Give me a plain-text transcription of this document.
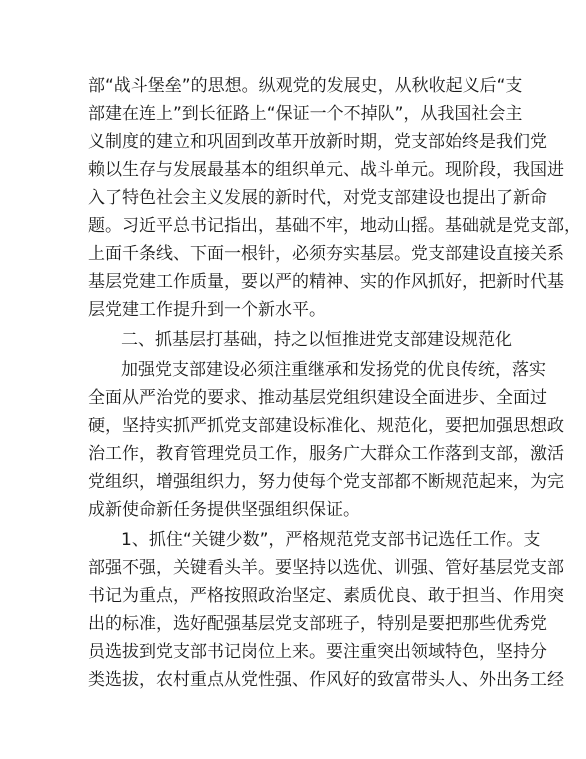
部“战斗堡垒”的思想。纵观党的发展史，从秋收起义后“支
部建在连上”到长征路上“保证一个不掉队”，从我国社会主
义制度的建立和巩固到改革开放新时期，党支部始终是我们党
赖以生存与发展最基本的组织单元、战斗单元。现阶段，我国进
入了特色社会主义发展的新时代，对党支部建设也提出了新命
题。习近平总书记指出，基础不牢，地动山摇。基础就是党支部，
上面千条线、下面一根针，必须夯实基层。党支部建设直接关系
基层党建工作质量，要以严的精神、实的作风抓好，把新时代基
层党建工作提升到一个新水平。
二、抓基层打基础，持之以恒推进党支部建设规范化
加强党支部建设必须注重继承和发扬党的优良传统，落实
全面从严治党的要求、推动基层党组织建设全面进步、全面过
硬，坚持实抓严抓党支部建设标准化、规范化，要把加强思想政
治工作，教育管理党员工作，服务广大群众工作落到支部，激活
党组织，增强组织力，努力使每个党支部都不断规范起来，为完
成新使命新任务提供坚强组织保证。
1、抓住“关键少数”，严格规范党支部书记选任工作。支
部强不强，关键看头羊。要坚持以选优、训强、管好基层党支部
书记为重点，严格按照政治坚定、素质优良、敢于担当、作用突
出的标准，选好配强基层党支部班子，特别是要把那些优秀党
员选拔到党支部书记岗位上来。要注重突出领域特色，坚持分
类选拔，农村重点从党性强、作风好的致富带头人、外出务工经
